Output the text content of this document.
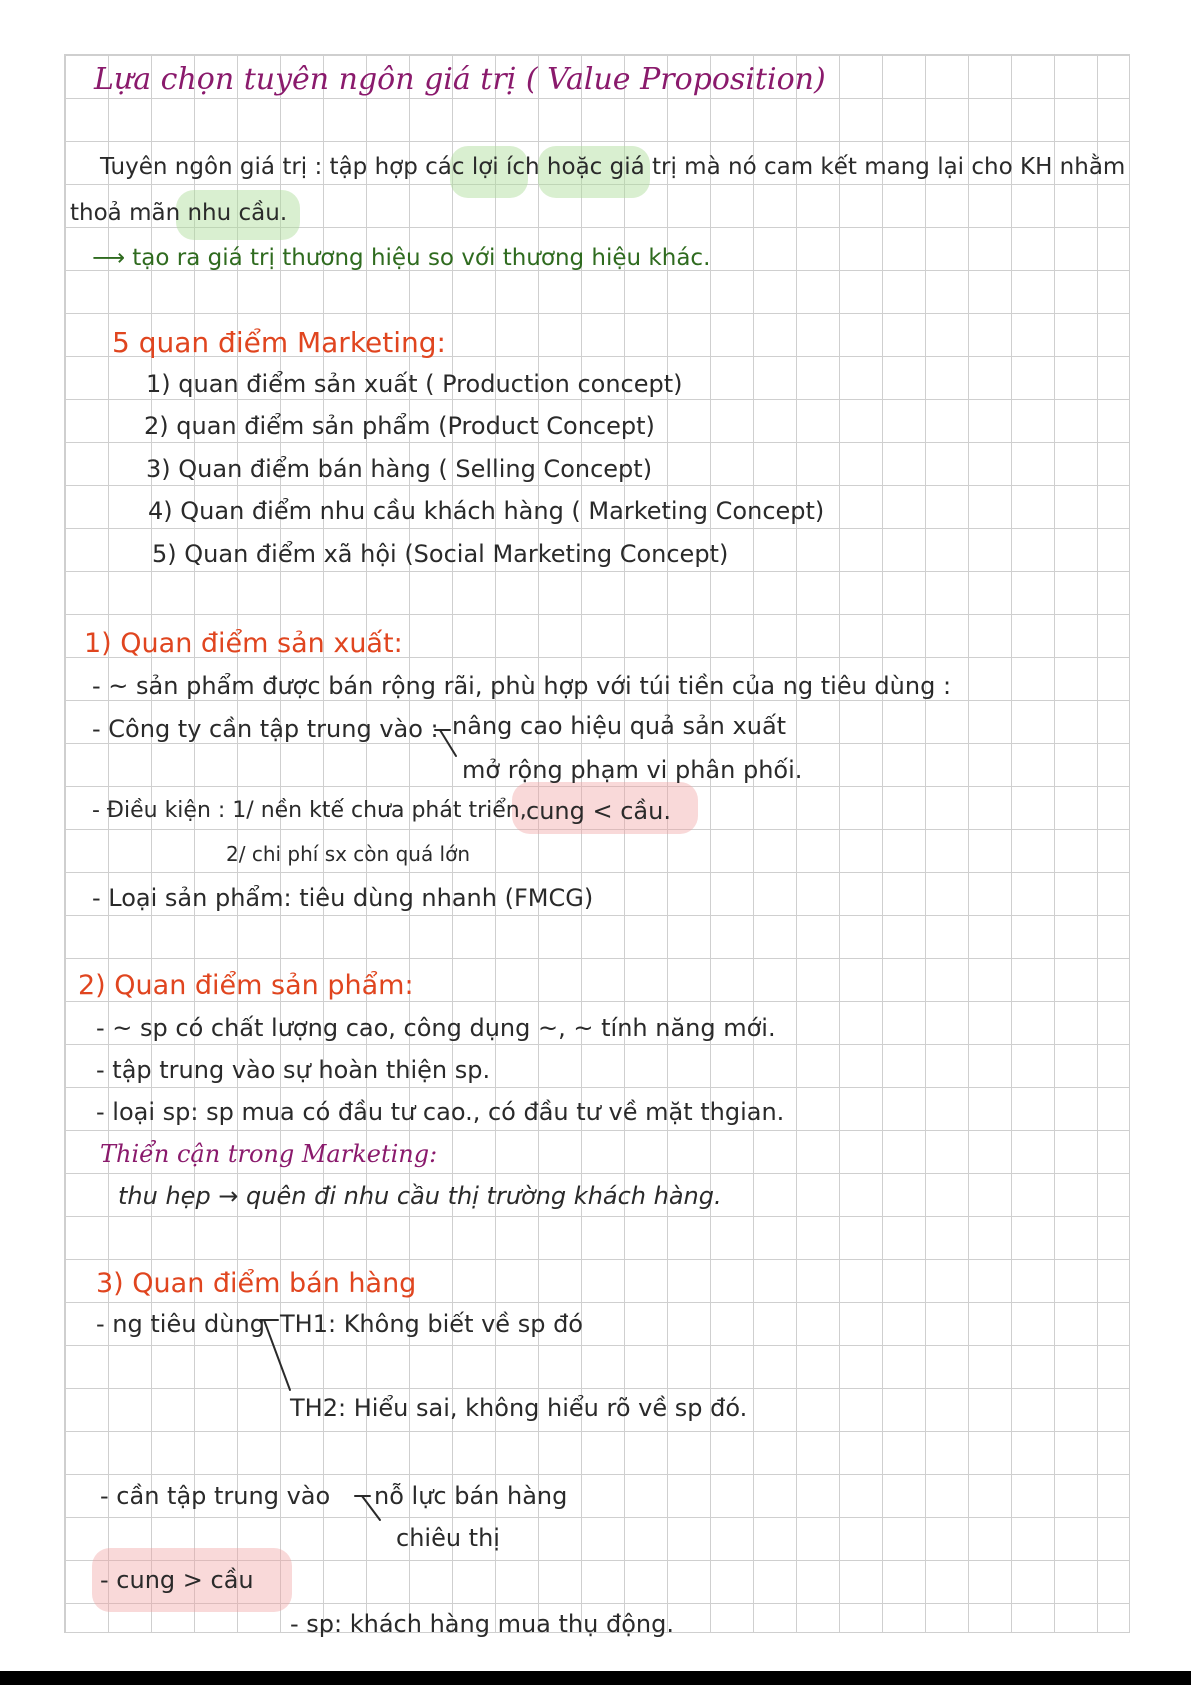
Lựa chọn tuyên ngôn giá trị ( Value Proposition)
Tuyên ngôn giá trị : tập hợp các lợi ích hoặc giá trị mà nó cam kết mang lại cho KH nhằm
thoả mãn nhu cầu.
⟶ tạo ra giá trị thương hiệu so với thương hiệu khác.
5 quan điểm Marketing:
1) quan điểm sản xuất ( Production concept)
2) quan điểm sản phẩm (Product Concept)
3) Quan điểm bán hàng ( Selling Concept)
4) Quan điểm nhu cầu khách hàng ( Marketing Concept)
5) Quan điểm xã hội (Social Marketing Concept)
1) Quan điểm sản xuất:
- ~ sản phẩm được bán rộng rãi, phù hợp với túi tiền của ng tiêu dùng :
- Công ty cần tập trung vào : nâng cao hiệu quả sản xuất
mở rộng phạm vi phân phối.
- Điều kiện : 1/ nền ktế chưa phát triển, cung < cầu.
2/ chi phí sx còn quá lớn
- Loại sản phẩm: tiêu dùng nhanh (FMCG)
2) Quan điểm sản phẩm:
- ~ sp có chất lượng cao, công dụng ~, ~ tính năng mới.
- tập trung vào sự hoàn thiện sp.
- loại sp: sp mua có đầu tư cao., có đầu tư về mặt thgian.
Thiển cận trong Marketing:
thu hẹp → quên đi nhu cầu thị trường khách hàng.
3) Quan điểm bán hàng
- ng tiêu dùng TH1: Không biết về sp đó
TH2: Hiểu sai, không hiểu rõ về sp đó.
- cần tập trung vào nỗ lực bán hàng
chiêu thị
- cung > cầu
- sp: khách hàng mua thụ động.
